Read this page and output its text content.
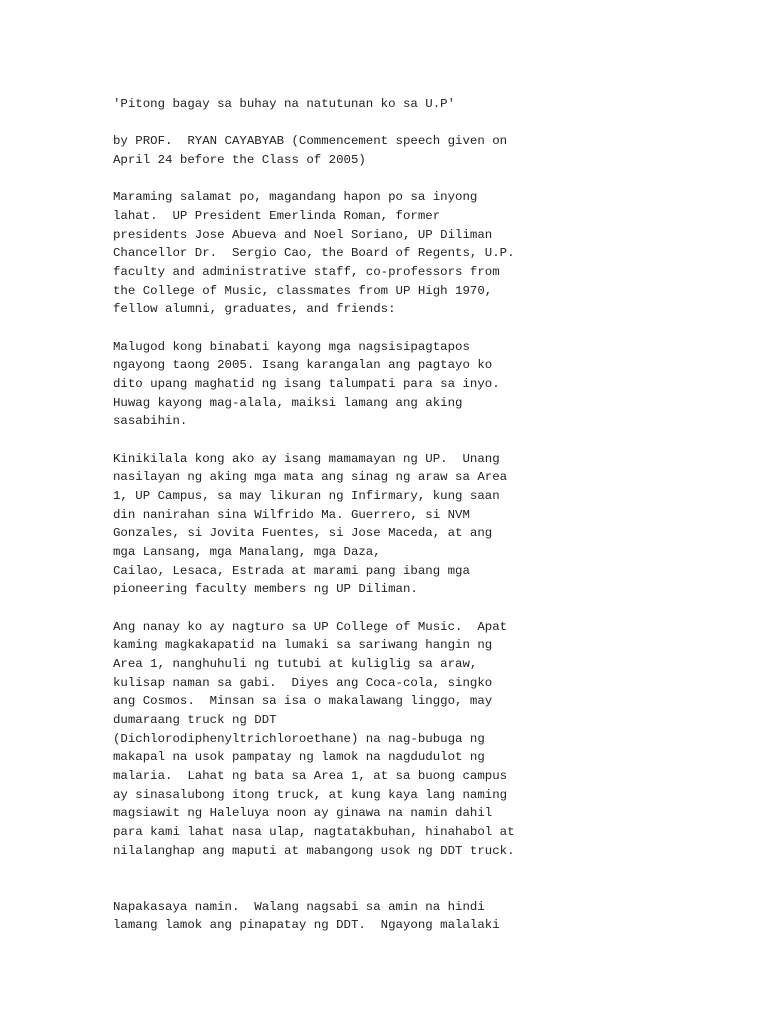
'Pitong bagay sa buhay na natutunan ko sa U.P'
by PROF.  RYAN CAYABYAB (Commencement speech given on
April 24 before the Class of 2005)
Maraming salamat po, magandang hapon po sa inyong
lahat.  UP President Emerlinda Roman, former
presidents Jose Abueva and Noel Soriano, UP Diliman
Chancellor Dr.  Sergio Cao, the Board of Regents, U.P.
faculty and administrative staff, co-professors from
the College of Music, classmates from UP High 1970,
fellow alumni, graduates, and friends:
Malugod kong binabati kayong mga nagsisipagtapos
ngayong taong 2005. Isang karangalan ang pagtayo ko
dito upang maghatid ng isang talumpati para sa inyo.
Huwag kayong mag-alala, maiksi lamang ang aking
sasabihin.
Kinikilala kong ako ay isang mamamayan ng UP.  Unang
nasilayan ng aking mga mata ang sinag ng araw sa Area
1, UP Campus, sa may likuran ng Infirmary, kung saan
din nanirahan sina Wilfrido Ma. Guerrero, si NVM
Gonzales, si Jovita Fuentes, si Jose Maceda, at ang
mga Lansang, mga Manalang, mga Daza,
Cailao, Lesaca, Estrada at marami pang ibang mga
pioneering faculty members ng UP Diliman.
Ang nanay ko ay nagturo sa UP College of Music.  Apat
kaming magkakapatid na lumaki sa sariwang hangin ng
Area 1, nanghuhuli ng tutubi at kuliglig sa araw,
kulisap naman sa gabi.  Diyes ang Coca-cola, singko
ang Cosmos.  Minsan sa isa o makalawang linggo, may
dumaraang truck ng DDT
(Dichlorodiphenyltrichloroethane) na nag-bubuga ng
makapal na usok pampatay ng lamok na nagdudulot ng
malaria.  Lahat ng bata sa Area 1, at sa buong campus
ay sinasalubong itong truck, at kung kaya lang naming
magsiawit ng Haleluya noon ay ginawa na namin dahil
para kami lahat nasa ulap, nagtatakbuhan, hinahabol at
nilalanghap ang maputi at mabangong usok ng DDT truck.
Napakasaya namin.  Walang nagsabi sa amin na hindi
lamang lamok ang pinapatay ng DDT.  Ngayong malalaki
